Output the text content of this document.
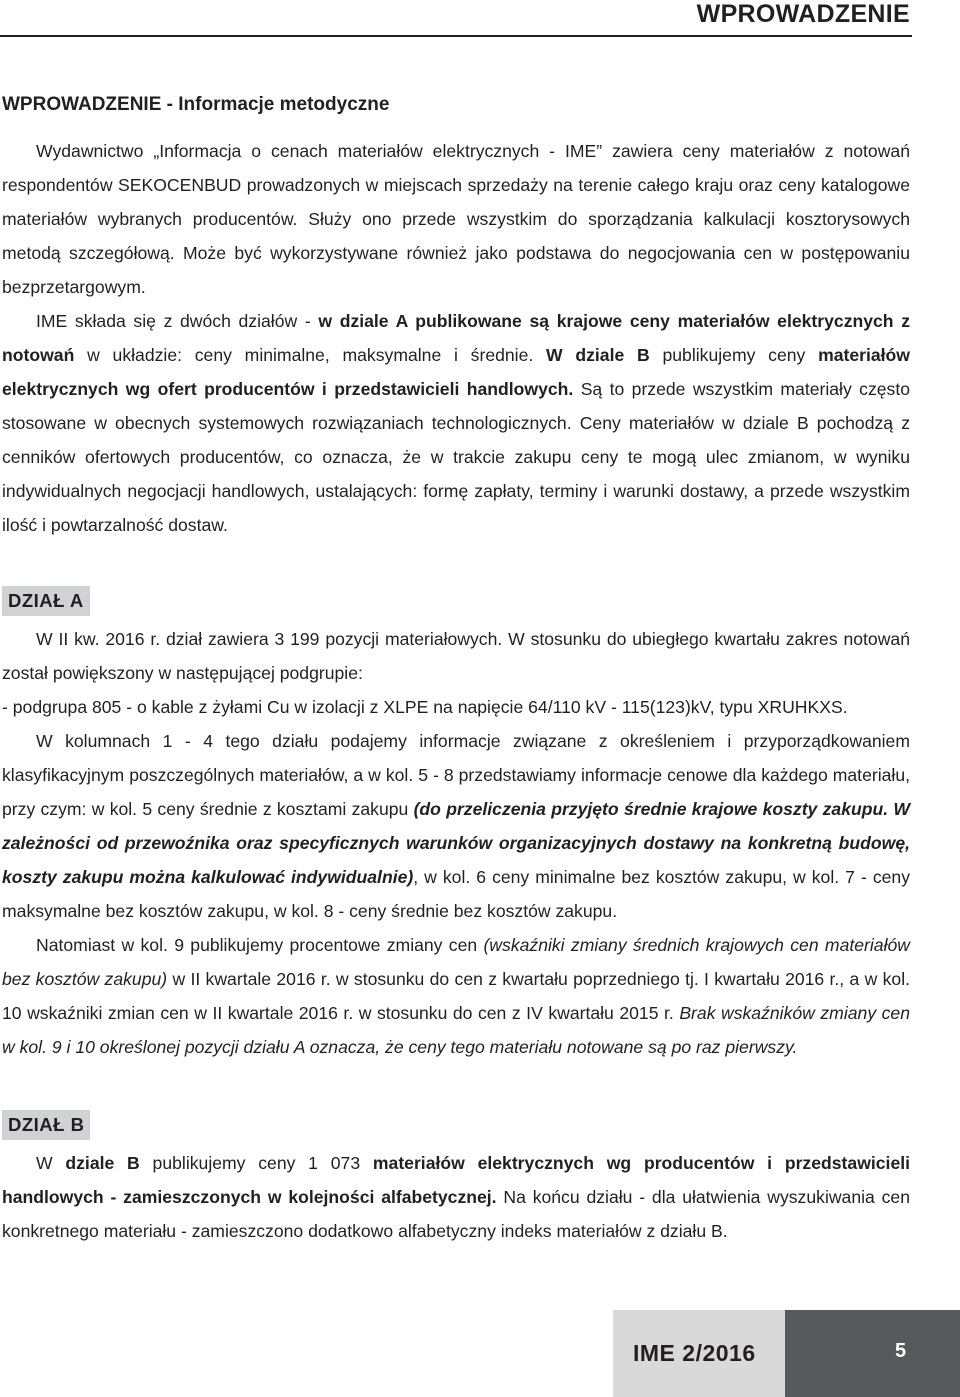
WPROWADZENIE
WPROWADZENIE - Informacje metodyczne

Wydawnictwo „Informacja o cenach materiałów elektrycznych - IME” zawiera ceny materiałów z notowań respondentów SEKOCENBUD prowadzonych w miejscach sprzedaży na terenie całego kraju oraz ceny katalogowe materiałów wybranych producentów. Służy ono przede wszystkim do sporządzania kalkulacji kosztorysowych metodą szczegółową. Może być wykorzystywane również jako podstawa do negocjowania cen w postępowaniu bezprzetargowym.

IME składa się z dwóch działów - w dziale A publikowane są krajowe ceny materiałów elektrycznych z notowań w układzie: ceny minimalne, maksymalne i średnie. W dziale B publikujemy ceny materiałów elektrycznych wg ofert producentów i przedstawicieli handlowych. Są to przede wszystkim materiały często stosowane w obecnych systemowych rozwiązaniach technologicznych. Ceny materiałów w dziale B pochodzą z cenników ofertowych producentów, co oznacza, że w trakcie zakupu ceny te mogą ulec zmianom, w wyniku indywidualnych negocjacji handlowych, ustalających: formę zapłaty, terminy i warunki dostawy, a przede wszystkim ilość i powtarzalność dostaw.

DZIAŁ A

W II kw. 2016 r. dział zawiera 3 199 pozycji materiałowych. W stosunku do ubiegłego kwartału zakres notowań został powiększony w następującej podgrupie:

- podgrupa 805 - o kable z żyłami Cu w izolacji z XLPE na napięcie 64/110 kV - 115(123)kV, typu XRUHKXS.

W kolumnach 1 - 4 tego działu podajemy informacje związane z określeniem i przyporządkowaniem klasyfikacyjnym poszczególnych materiałów, a w kol. 5 - 8 przedstawiamy informacje cenowe dla każdego materiału, przy czym: w kol. 5 ceny średnie z kosztami zakupu (do przeliczenia przyjęto średnie krajowe koszty zakupu. W zależności od przewoźnika oraz specyficznych warunków organizacyjnych dostawy na konkretną budowę, koszty zakupu można kalkulować indywidualnie), w kol. 6 ceny minimalne bez kosztów zakupu, w kol. 7 - ceny maksymalne bez kosztów zakupu, w kol. 8 - ceny średnie bez kosztów zakupu.

Natomiast w kol. 9 publikujemy procentowe zmiany cen (wskaźniki zmiany średnich krajowych cen materiałów bez kosztów zakupu) w II kwartale 2016 r. w stosunku do cen z kwartału poprzedniego tj. I kwartału 2016 r., a w kol. 10 wskaźniki zmian cen w II kwartale 2016 r. w stosunku do cen z IV kwartału 2015 r. Brak wskaźników zmiany cen w kol. 9 i 10 określonej pozycji działu A oznacza, że ceny tego materiału notowane są po raz pierwszy.

DZIAŁ B

W dziale B publikujemy ceny 1 073 materiałów elektrycznych wg producentów i przedstawicieli handlowych - zamieszczonych w kolejności alfabetycznej. Na końcu działu - dla ułatwienia wyszukiwania cen konkretnego materiału - zamieszczono dodatkowo alfabetyczny indeks materiałów z działu B.

IME 2/2016	5
